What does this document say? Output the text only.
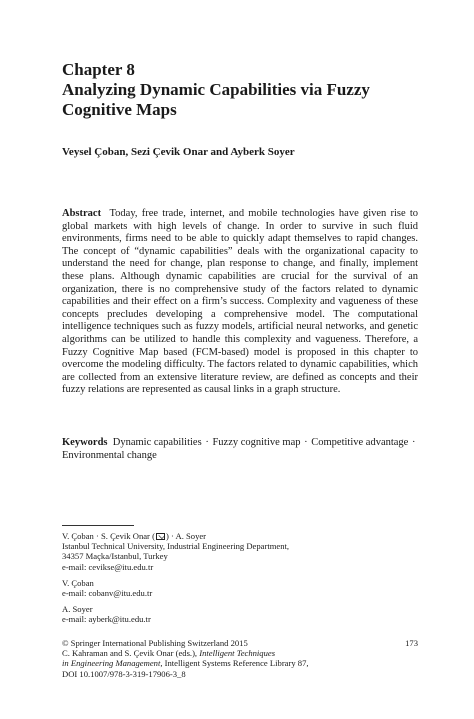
Chapter 8
Analyzing Dynamic Capabilities via Fuzzy Cognitive Maps

Veysel Çoban, Sezi Çevik Onar and Ayberk Soyer

Abstract Today, free trade, internet, and mobile technologies have given rise to global markets with high levels of change. In order to survive in such fluid environments, firms need to be able to quickly adapt themselves to rapid changes. The concept of “dynamic capabilities” deals with the organizational capacity to understand the need for change, plan response to change, and finally, implement these plans. Although dynamic capabilities are crucial for the survival of an organization, there is no comprehensive study of the factors related to dynamic capabilities and their effect on a firm’s success. Complexity and vagueness of these concepts precludes developing a comprehensive model. The computational intelligence techniques such as fuzzy models, artificial neural networks, and genetic algorithms can be utilized to handle this complexity and vagueness. Therefore, a Fuzzy Cognitive Map based (FCM-based) model is proposed in this chapter to overcome the modeling difficulty. The factors related to dynamic capabilities, which are collected from an extensive literature review, are defined as concepts and their fuzzy relations are represented as causal links in a graph structure.

Keywords Dynamic capabilities · Fuzzy cognitive map · Competitive advantage ·
Environmental change

V. Çoban · S. Çevik Onar ( ) · A. Soyer
Istanbul Technical University, Industrial Engineering Department,
34357 Maçka/Istanbul, Turkey
e-mail: cevikse@itu.edu.tr

V. Çoban
e-mail: cobanv@itu.edu.tr

A. Soyer
e-mail: ayberk@itu.edu.tr

© Springer International Publishing Switzerland 2015
C. Kahraman and S. Çevik Onar (eds.), Intelligent Techniques
in Engineering Management, Intelligent Systems Reference Library 87,
DOI 10.1007/978-3-319-17906-3_8

173
